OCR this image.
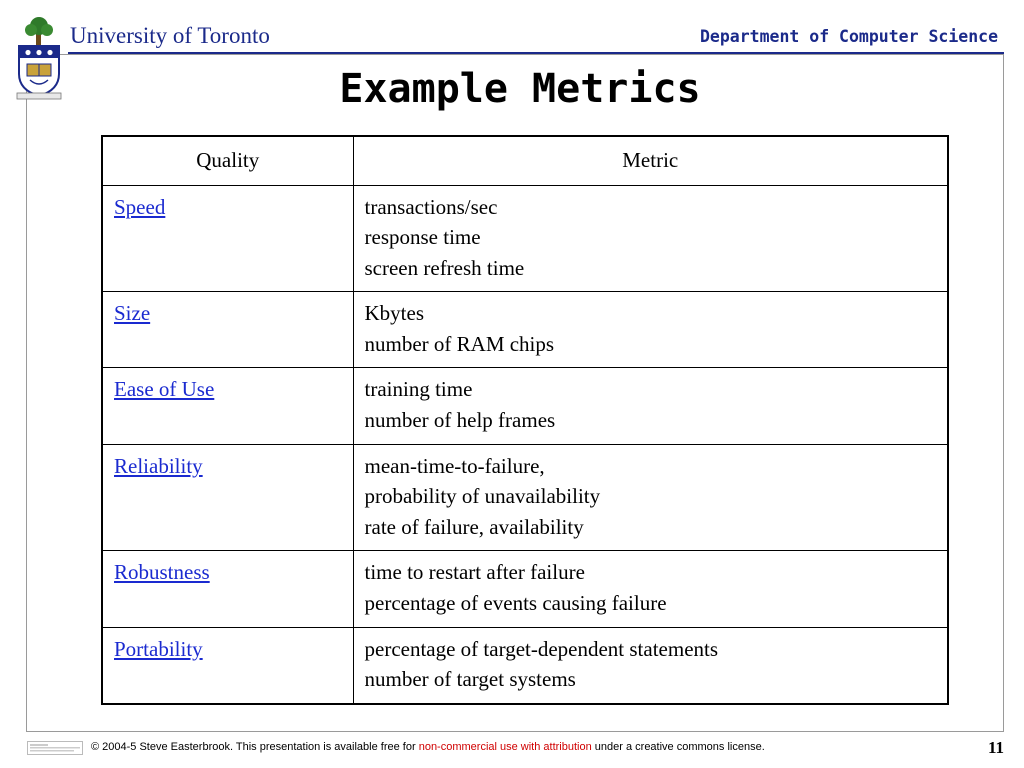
University of Toronto	Department of Computer Science
Example Metrics
Quality	Metric
Speed	transactions/sec
response time
screen refresh time

Size	Kbytes
number of RAM chips

Ease of Use	training time
number of help frames

Reliability	mean-time-to-failure,
probability of unavailability
rate of failure, availability

Robustness	time to restart after failure
percentage of events causing failure

Portability	percentage of target-dependent statements
number of target systems
© 2004-5 Steve Easterbrook. This presentation is available free for non-commercial use with attribution under a creative commons license.	11
